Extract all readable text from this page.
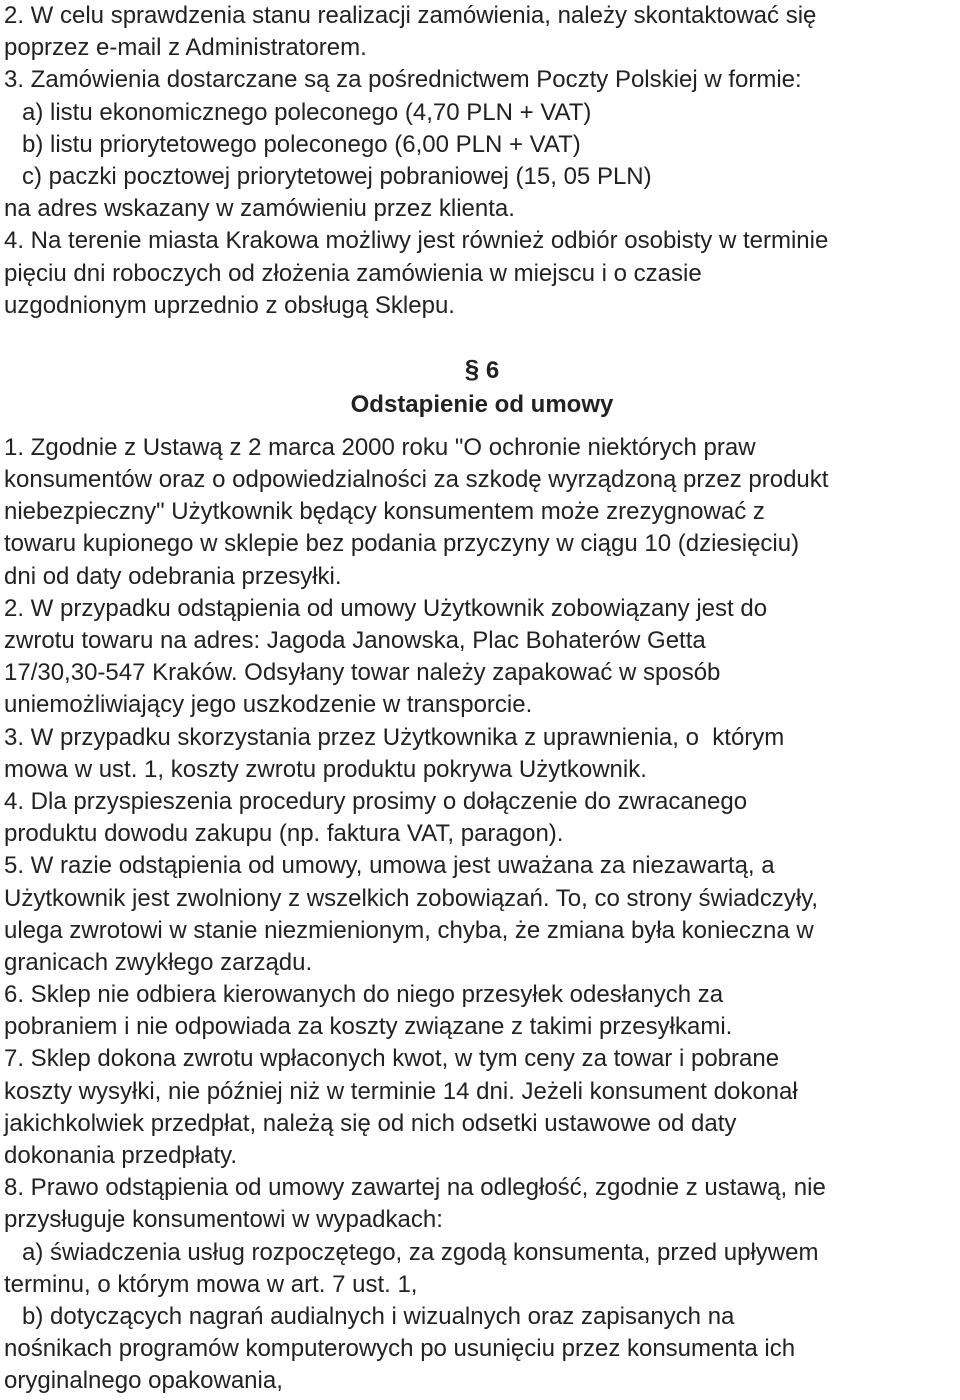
2. W celu sprawdzenia stanu realizacji zamówienia, należy skontaktować się
poprzez e-mail z Administratorem.
3. Zamówienia dostarczane są za pośrednictwem Poczty Polskiej w formie:
a) listu ekonomicznego poleconego (4,70 PLN + VAT)
b) listu priorytetowego poleconego (6,00 PLN + VAT)
c) paczki pocztowej priorytetowej pobraniowej (15, 05 PLN)
na adres wskazany w zamówieniu przez klienta.
4. Na terenie miasta Krakowa możliwy jest również odbiór osobisty w terminie
pięciu dni roboczych od złożenia zamówienia w miejscu i o czasie
uzgodnionym uprzednio z obsługą Sklepu.
§ 6
Odstapienie od umowy
1. Zgodnie z Ustawą z 2 marca 2000 roku "O ochronie niektórych praw
konsumentów oraz o odpowiedzialności za szkodę wyrządzoną przez produkt
niebezpieczny" Użytkownik będący konsumentem może zrezygnować z
towaru kupionego w sklepie bez podania przyczyny w ciągu 10 (dziesięciu)
dni od daty odebrania przesyłki.
2. W przypadku odstąpienia od umowy Użytkownik zobowiązany jest do
zwrotu towaru na adres: Jagoda Janowska, Plac Bohaterów Getta
17/30,30-547 Kraków. Odsyłany towar należy zapakować w sposób
uniemożliwiający jego uszkodzenie w transporcie.
3. W przypadku skorzystania przez Użytkownika z uprawnienia, o  którym
mowa w ust. 1, koszty zwrotu produktu pokrywa Użytkownik.
4. Dla przyspieszenia procedury prosimy o dołączenie do zwracanego
produktu dowodu zakupu (np. faktura VAT, paragon).
5. W razie odstąpienia od umowy, umowa jest uważana za niezawartą, a
Użytkownik jest zwolniony z wszelkich zobowiązań. To, co strony świadczyły,
ulega zwrotowi w stanie niezmienionym, chyba, że zmiana była konieczna w
granicach zwykłego zarządu.
6. Sklep nie odbiera kierowanych do niego przesyłek odesłanych za
pobraniem i nie odpowiada za koszty związane z takimi przesyłkami.
7. Sklep dokona zwrotu wpłaconych kwot, w tym ceny za towar i pobrane
koszty wysyłki, nie później niż w terminie 14 dni. Jeżeli konsument dokonał
jakichkolwiek przedpłat, należą się od nich odsetki ustawowe od daty
dokonania przedpłaty.
8. Prawo odstąpienia od umowy zawartej na odległość, zgodnie z ustawą, nie
przysługuje konsumentowi w wypadkach:
a) świadczenia usług rozpoczętego, za zgodą konsumenta, przed upływem
terminu, o którym mowa w art. 7 ust. 1,
b) dotyczących nagrań audialnych i wizualnych oraz zapisanych na
nośnikach programów komputerowych po usunięciu przez konsumenta ich
oryginalnego opakowania,
